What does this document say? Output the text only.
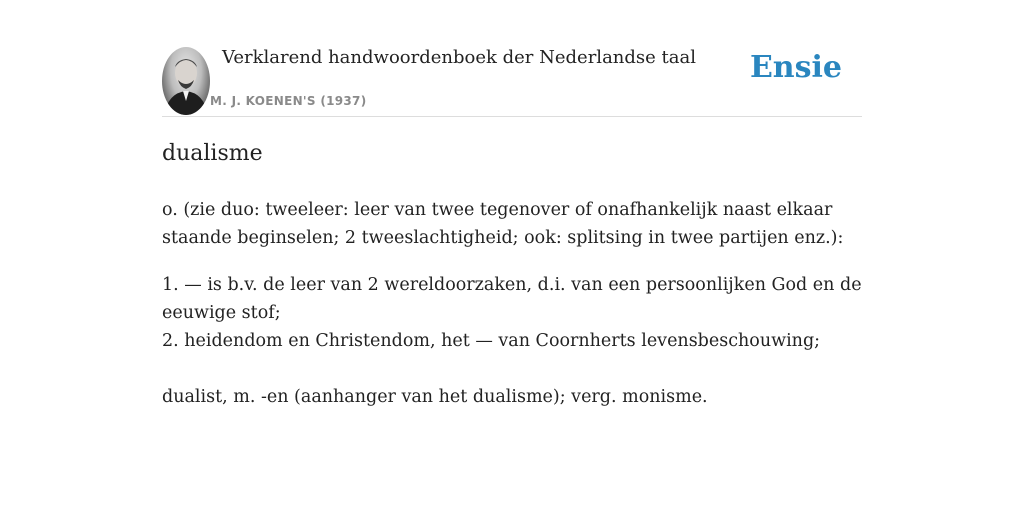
Verklarend handwoordenboek der Nederlandse taal
M. J. KOENEN'S (1937)
Ensie
dualisme

o. (zie duo: tweeleer: leer van twee tegenover of onafhankelijk naast elkaar staande beginselen; 2 tweeslachtigheid; ook: splitsing in twee partijen enz.):

1. — is b.v. de leer van 2 wereldoorzaken, d.i. van een persoonlijken God en de eeuwige stof;
2. heidendom en Christendom, het — van Coornherts levensbeschouwing;
dualist, m. -en (aanhanger van het dualisme); verg. monisme.
